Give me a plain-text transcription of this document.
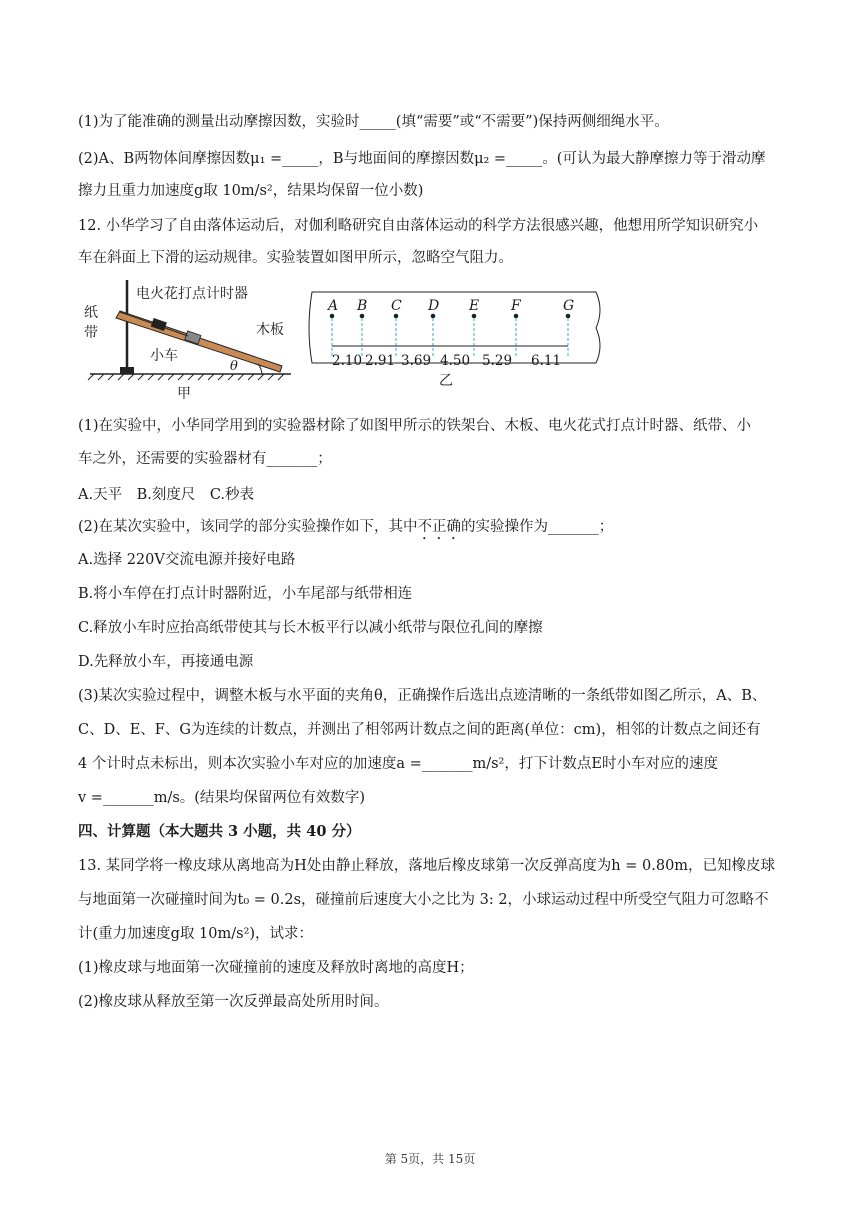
(1)为了能准确的测量出动摩擦因数，实验时_____(填“需要”或“不需要”)保持两侧细绳水平。
(2)A、B两物体间摩擦因数μ₁ =_____，B与地面间的摩擦因数μ₂ =_____。(可认为最大静摩擦力等于滑动摩
擦力且重力加速度g取 10m/s²，结果均保留一位小数)
12. 小华学习了自由落体运动后，对伽利略研究自由落体运动的科学方法很感兴趣，他想用所学知识研究小
车在斜面上下滑的运动规律。实验装置如图甲所示，忽略空气阻力。
电火花打点计时器
纸
带	木板
小车
θ
甲
A B C D E F	G
2.10 2.91 3.69 4.50 5.29 6.11
乙
(1)在实验中，小华同学用到的实验器材除了如图甲所示的铁架台、木板、电火花式打点计时器、纸带、小
车之外，还需要的实验器材有_______；
A.天平　B.刻度尺　C.秒表
(2)在某次实验中，该同学的部分实验操作如下，其中不正确的实验操作为_______；
A.选择 220V交流电源并接好电路
B.将小车停在打点计时器附近，小车尾部与纸带相连
C.释放小车时应抬高纸带使其与长木板平行以减小纸带与限位孔间的摩擦
D.先释放小车，再接通电源
(3)某次实验过程中，调整木板与水平面的夹角θ，正确操作后选出点迹清晰的一条纸带如图乙所示，A、B、
C、D、E、F、G为连续的计数点，并测出了相邻两计数点之间的距离(单位：cm)，相邻的计数点之间还有
4 个计时点未标出，则本次实验小车对应的加速度a =_______m/s²，打下计数点E时小车对应的速度
v =_______m/s。(结果均保留两位有效数字)
四、计算题（本大题共 3 小题，共 40 分）
13. 某同学将一橡皮球从离地高为H处由静止释放，落地后橡皮球第一次反弹高度为h = 0.80m，已知橡皮球
与地面第一次碰撞时间为t₀ = 0.2s，碰撞前后速度大小之比为 3: 2，小球运动过程中所受空气阻力可忽略不
计(重力加速度g取 10m/s²)，试求：
(1)橡皮球与地面第一次碰撞前的速度及释放时离地的高度H；
(2)橡皮球从释放至第一次反弹最高处所用时间。
第 5页，共 15页
